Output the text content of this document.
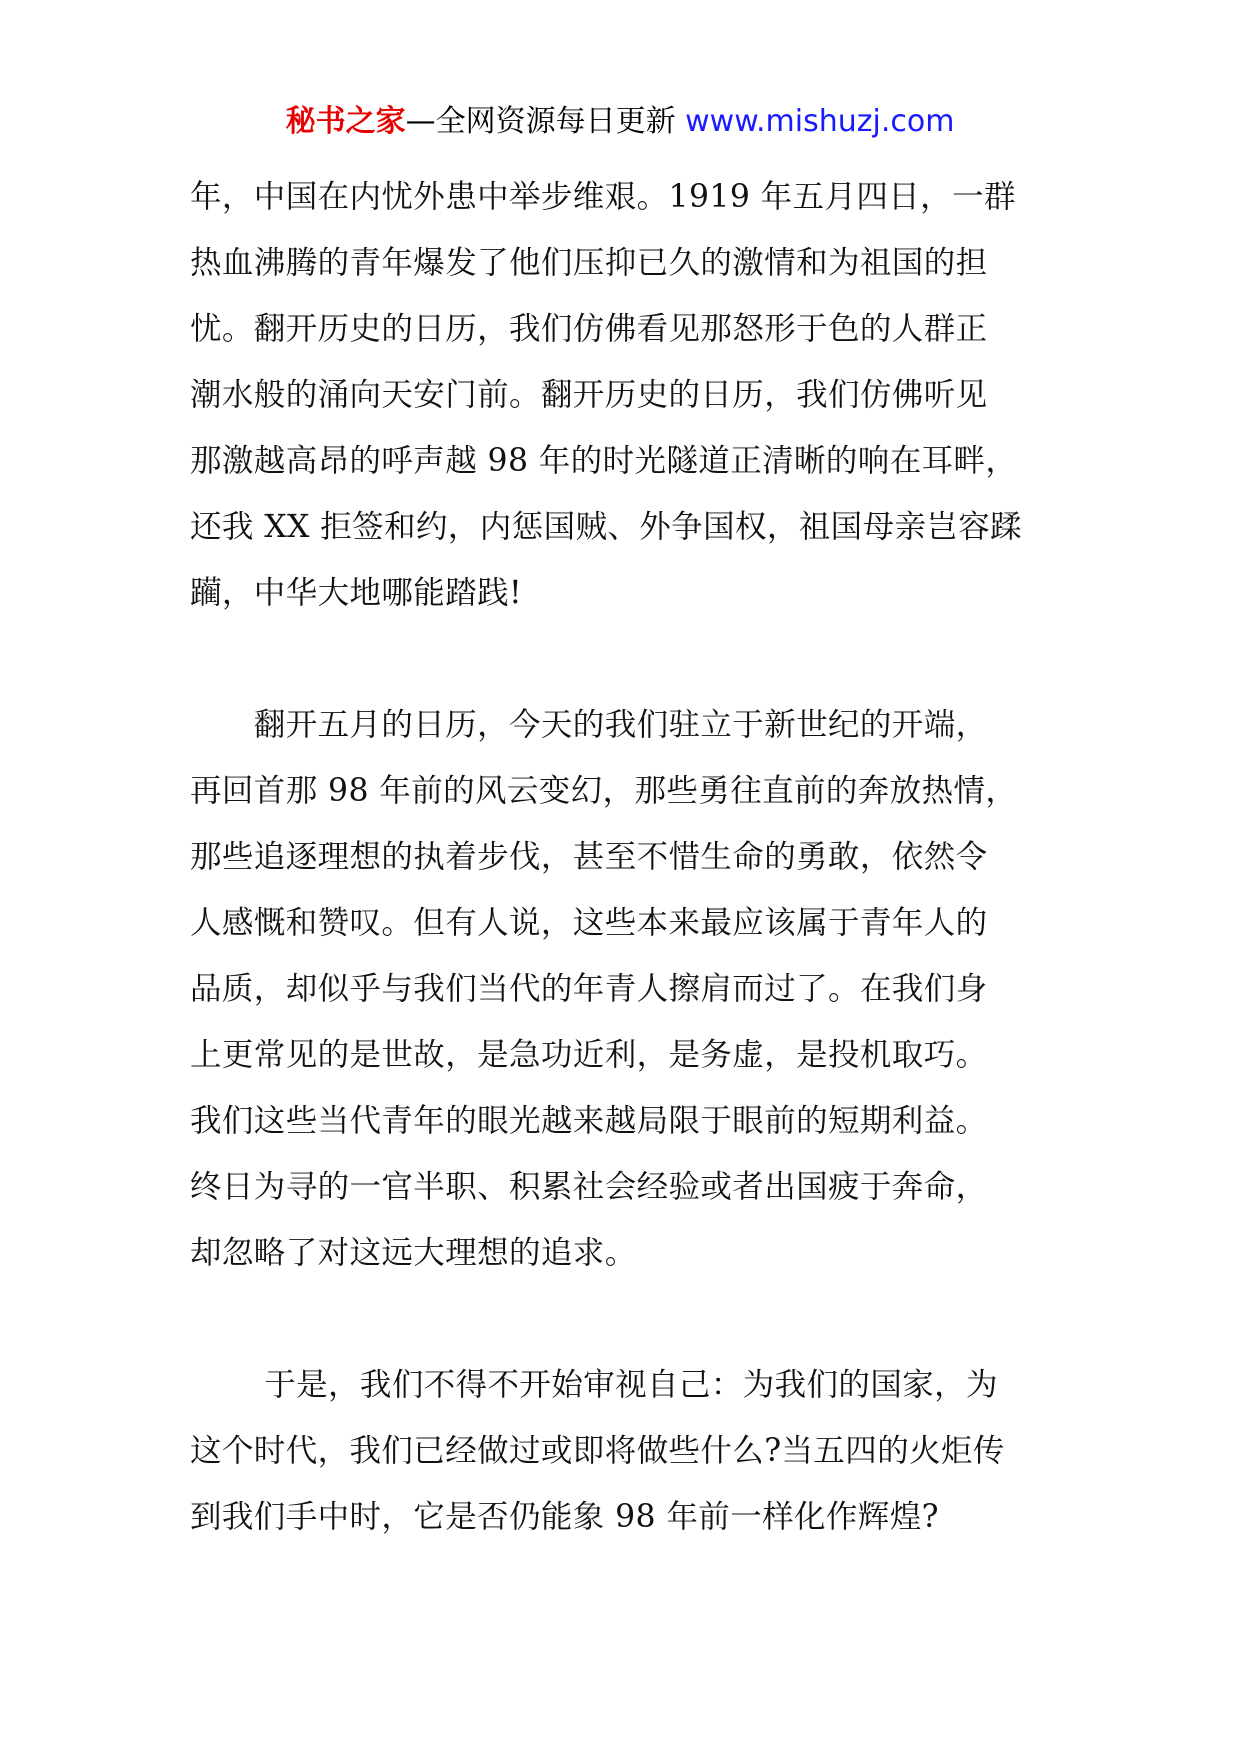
秘书之家—全网资源每日更新 www.mishuzj.com
年，中国在内忧外患中举步维艰。1919 年五月四日，一群
热血沸腾的青年爆发了他们压抑已久的激情和为祖国的担
忧。翻开历史的日历，我们仿佛看见那怒形于色的人群正
潮水般的涌向天安门前。翻开历史的日历，我们仿佛听见
那激越高昂的呼声越 98 年的时光隧道正清晰的响在耳畔，
还我 XX 拒签和约，内惩国贼、外争国权，祖国母亲岂容蹂
躏，中华大地哪能踏践!
　　翻开五月的日历，今天的我们驻立于新世纪的开端，
再回首那 98 年前的风云变幻，那些勇往直前的奔放热情，
那些追逐理想的执着步伐，甚至不惜生命的勇敢，依然令
人感慨和赞叹。但有人说，这些本来最应该属于青年人的
品质，却似乎与我们当代的年青人擦肩而过了。在我们身
上更常见的是世故，是急功近利，是务虚，是投机取巧。
我们这些当代青年的眼光越来越局限于眼前的短期利益。
终日为寻的一官半职、积累社会经验或者出国疲于奔命，
却忽略了对这远大理想的追求。
　　 于是，我们不得不开始审视自己：为我们的国家，为
这个时代，我们已经做过或即将做些什么?当五四的火炬传
到我们手中时，它是否仍能象 98 年前一样化作辉煌?
